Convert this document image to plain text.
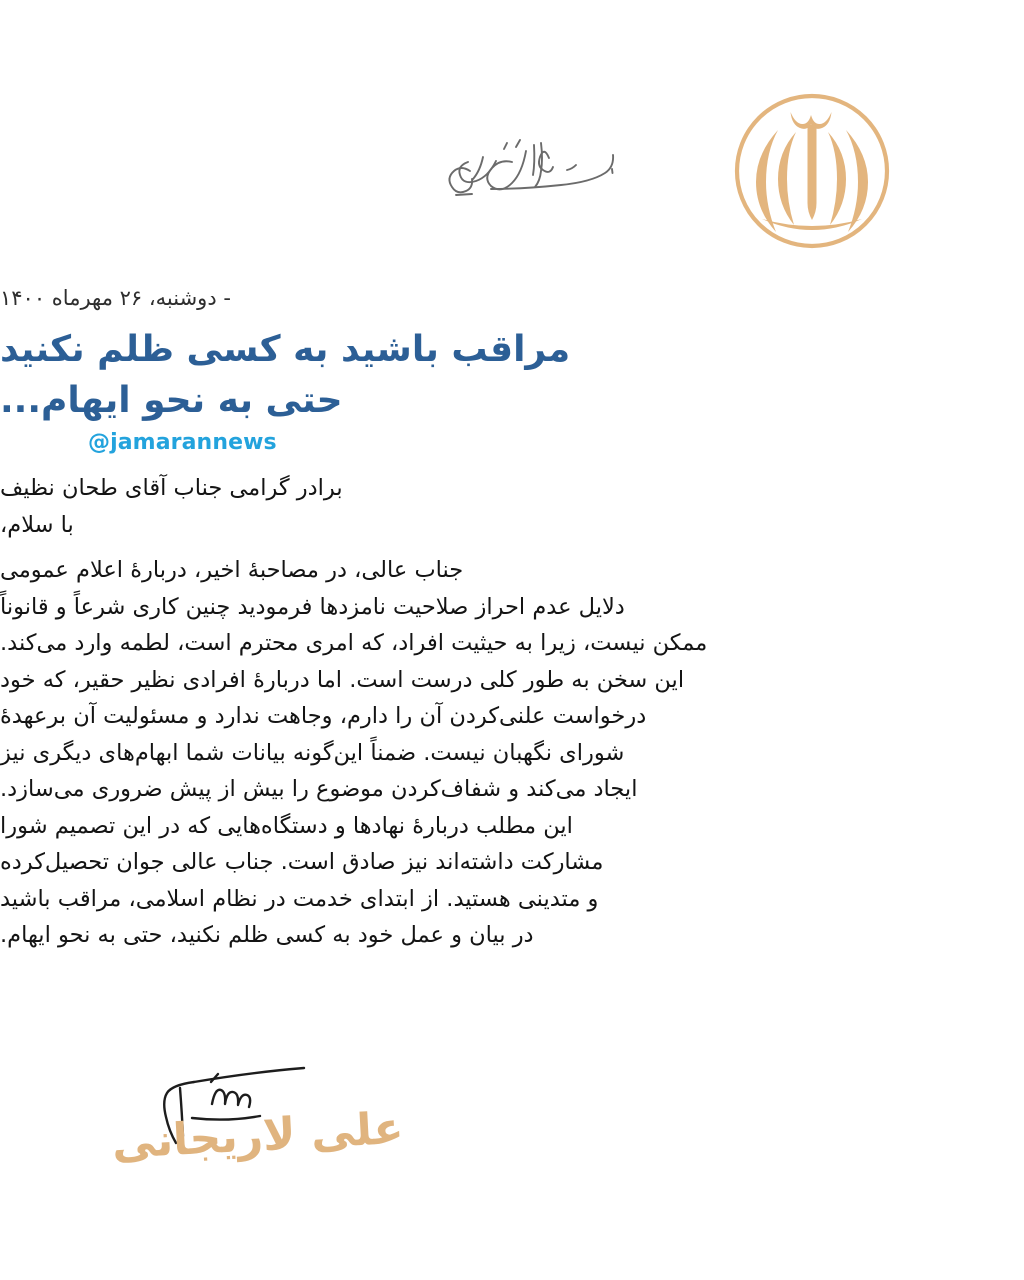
- دوشنبه، ۲۶ مهرماه ۱۴۰۰
مراقب باشید به کسی ظلم نکنید
حتی به نحو ایهام...
@jamarannews
برادر گرامی جناب آقای طحان نظیف
با سلام،
جناب عالی، در مصاحبهٔ اخیر، دربارهٔ اعلام عمومی
دلایل عدم احراز صلاحیت نامزدها فرمودید چنین کاری شرعاً و قانوناً
ممکن نیست، زیرا به حیثیت افراد، که امری محترم است، لطمه وارد می‌کند.
این سخن به طور کلی درست است. اما دربارهٔ افرادی نظیر حقیر، که خود
درخواست علنی‌کردن آن را دارم، وجاهت ندارد و مسئولیت آن برعهدهٔ
شورای نگهبان نیست. ضمناً این‌گونه بیانات شما ابهام‌های دیگری نیز
ایجاد می‌کند و شفاف‌کردن موضوع را بیش از پیش ضروری می‌سازد.
این مطلب دربارهٔ نهادها و دستگاه‌هایی که در این تصمیم شورا
مشارکت داشته‌اند نیز صادق است. جناب عالی جوان تحصیل‌کرده
و متدینی هستید. از ابتدای خدمت در نظام اسلامی، مراقب باشید
در بیان و عمل خود به کسی ظلم نکنید، حتی به نحو ایهام.
علی لاریجانی
